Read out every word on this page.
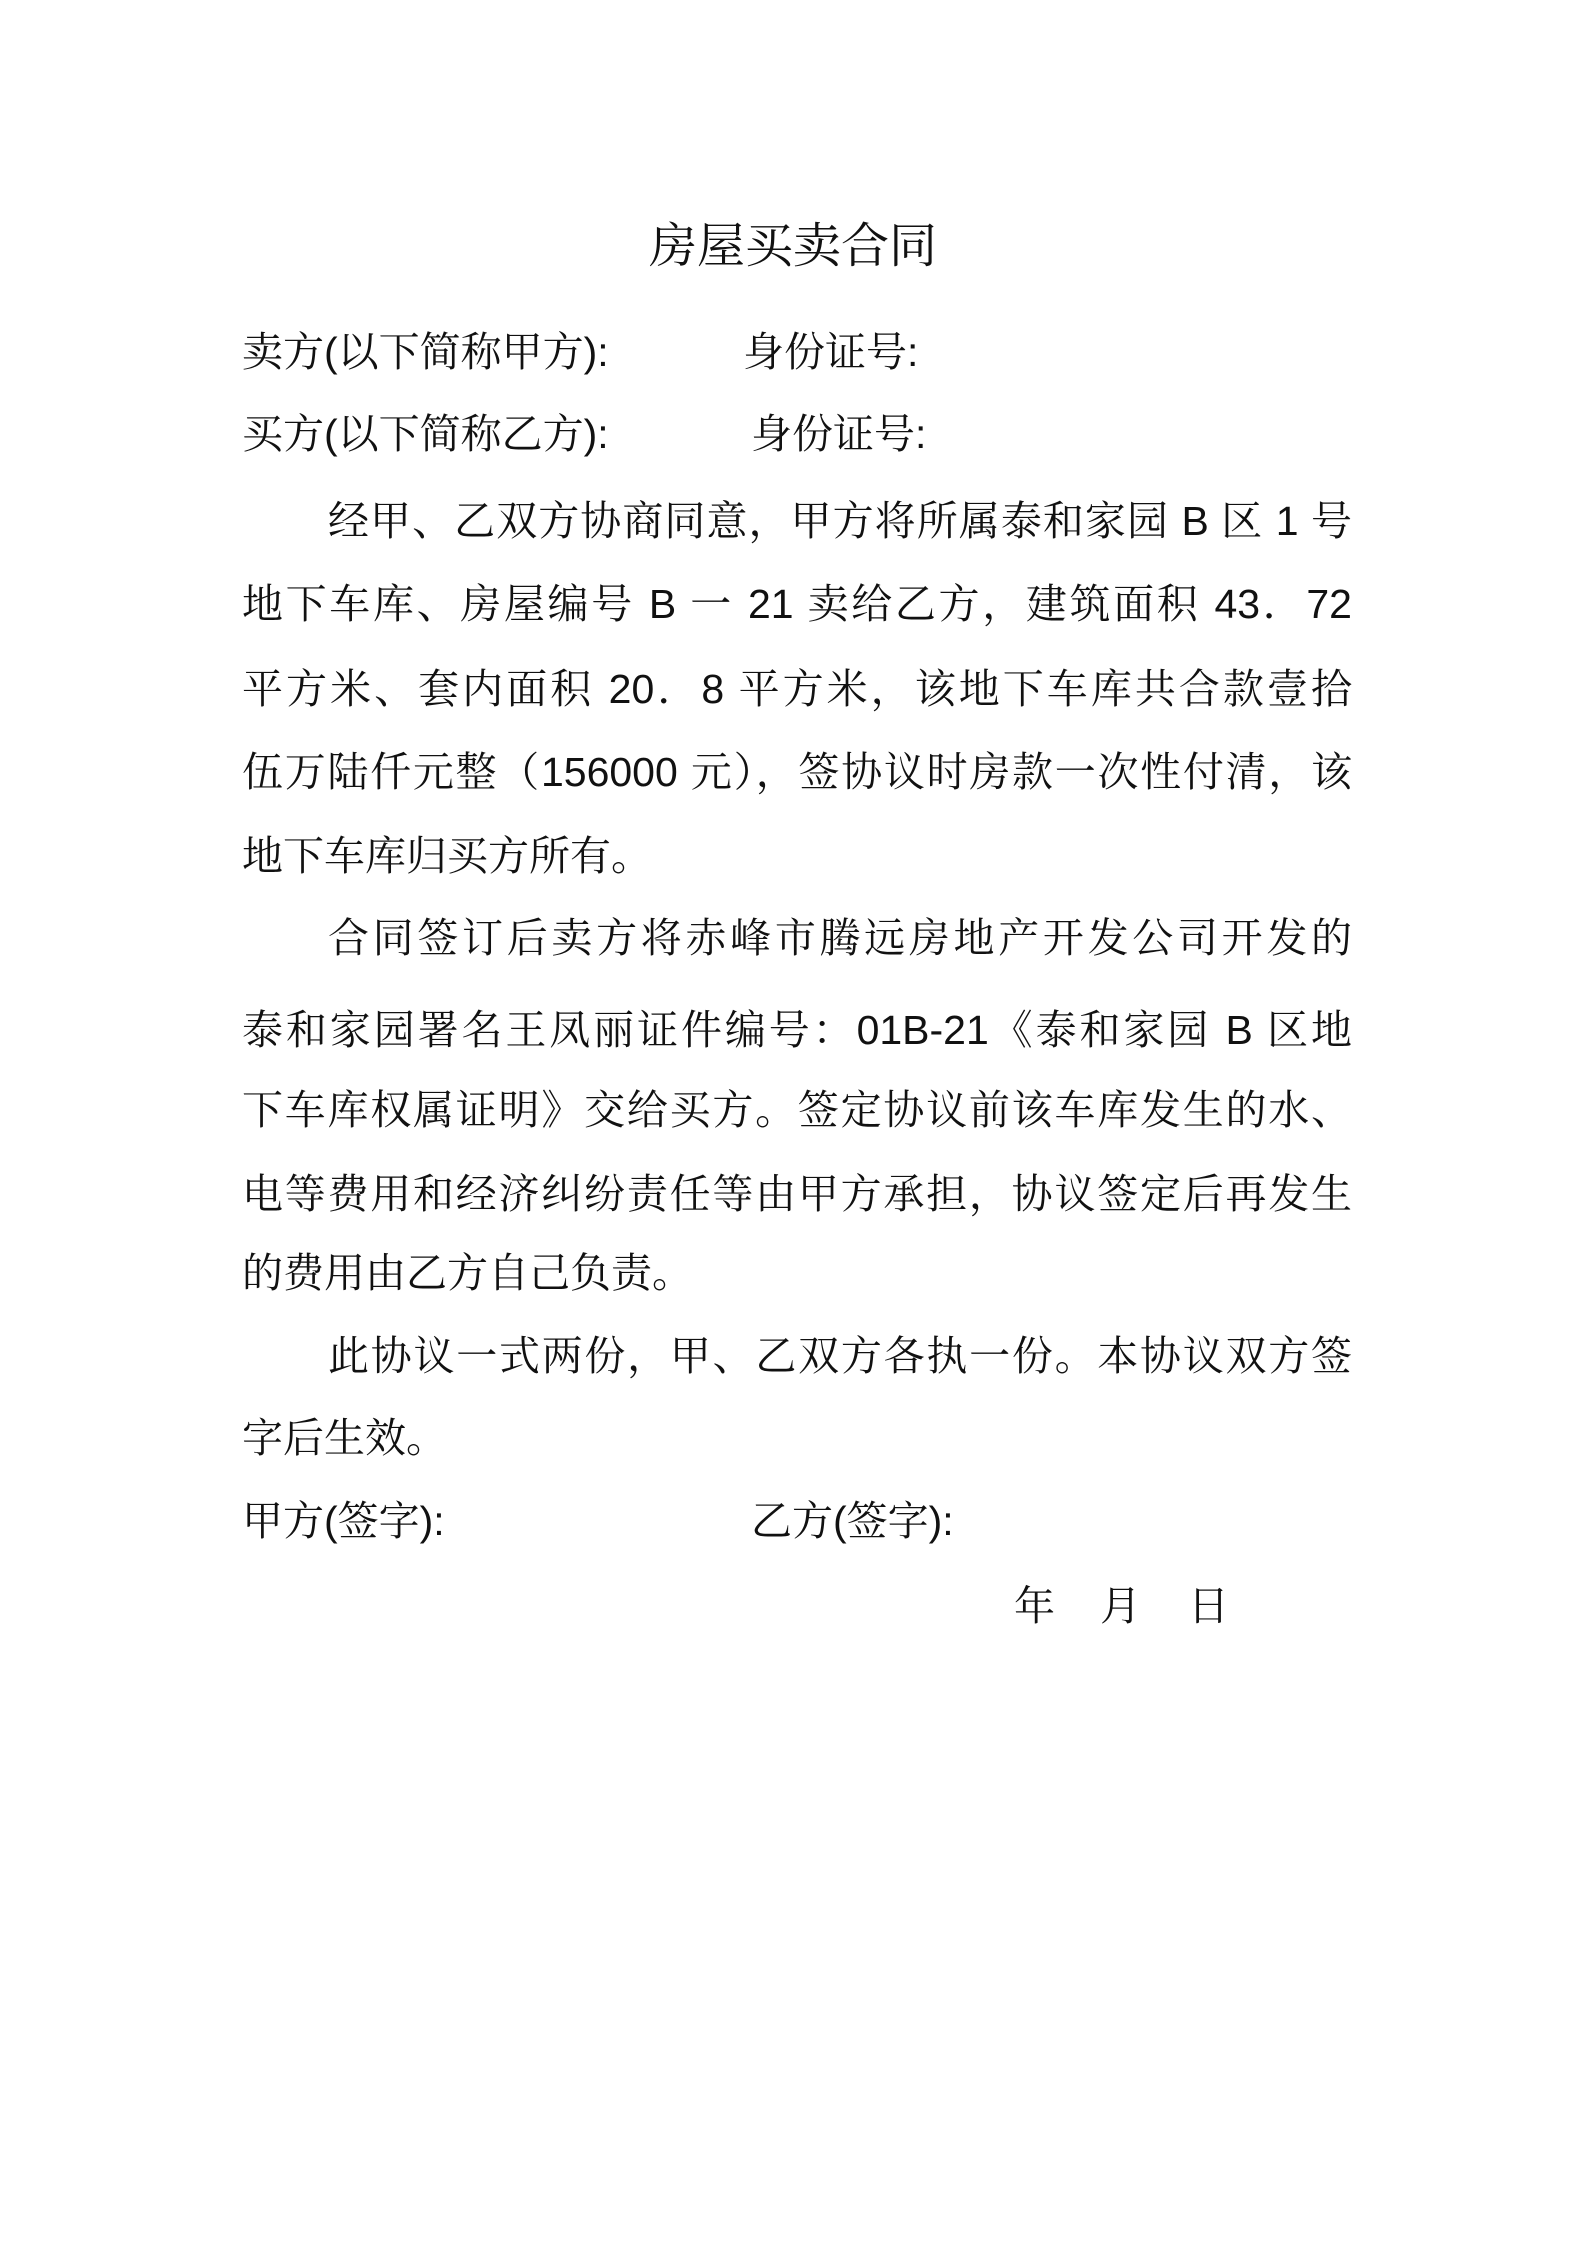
房屋买卖合同
卖方(以下简称甲方):	身份证号:
买方(以下简称乙方):	身份证号:
经甲、乙双方协商同意，甲方将所属泰和家园 B 区 1 号
地下车库、房屋编号 B 一 21 卖给乙方，建筑面积 43．72
平方米、套内面积 20．8 平方米，该地下车库共合款壹拾
伍万陆仟元整（156000 元），签协议时房款一次性付清，该
地下车库归买方所有。
合同签订后卖方将赤峰市腾远房地产开发公司开发的
泰和家园署名王凤丽证件编号：01B-21《泰和家园 B 区地
下车库权属证明》交给买方。签定协议前该车库发生的水、
电等费用和经济纠纷责任等由甲方承担，协议签定后再发生
的费用由乙方自己负责。
此协议一式两份，甲、乙双方各执一份。本协议双方签
字后生效。
甲方(签字):	乙方(签字):
年 月 日
